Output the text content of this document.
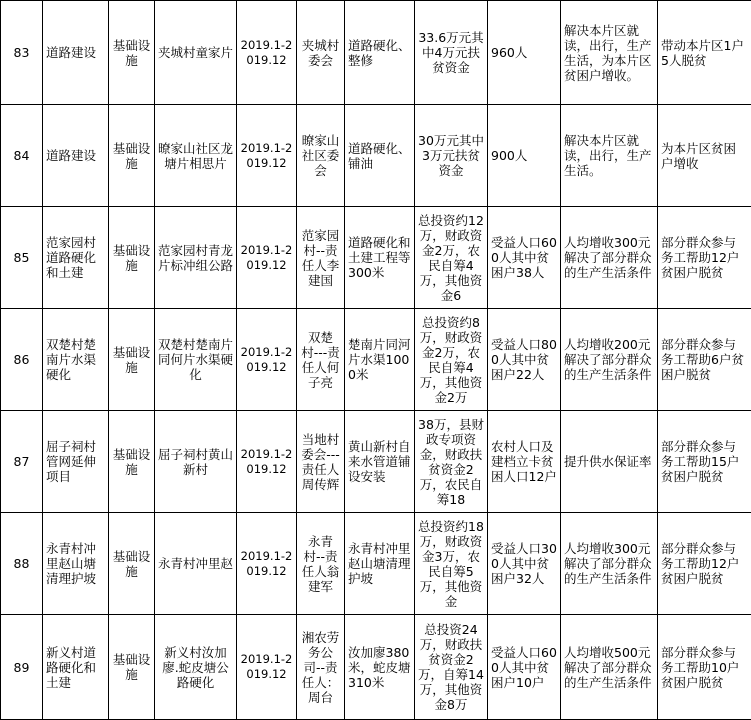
83	道路建设	基础设施	夹城村童家片	2019.1-2019.12	夹城村委会	道路硬化、整修	33.6万元其中4万元扶贫资金	960人	解决本片区就读，出行，生产生活，为本片区贫困户增收。	带动本片区1户5人脱贫
84	道路建设	基础设施	暸家山社区龙塘片相思片	2019.1-2019.12	暸家山社区委会	道路硬化、铺油	30万元其中3万元扶贫资金	900人	解决本片区就读，出行，生产生活。	为本片区贫困户增收
85	范家园村道路硬化和土建	基础设施	范家园村青龙片标冲组公路	2019.1-2019.12	范家园 村--责任人李建国	道路硬化和土建工程等300米	总投资约12万，财政资金2万，农民自筹4万，其他资金6	受益人口600人其中贫困户38人	人均增收300元解决了部分群众的生产生活条件	部分群众参与务工帮助12户贫困户脱贫
86	双楚村楚南片水渠硬化	基础设施	双楚村楚南片同何片水渠硬化	2019.1-2019.12	双楚村---责任人何子亮	楚南片同河片水渠1000米	总投资约8万，财政资金2万，农民自筹4万，其他资金2万	受益人口800人其中贫困户22人	人均增收200元解决了部分群众的生产生活条件	部分群众参与务工帮助6户贫困户脱贫
87	屈子祠村管网延伸项目	基础设施	屈子祠村黄山新村	2019.1-2019.12	当地村委会---责任人周传辉	黄山新村自来水管道铺设安装	38万，县财政专项资金，财政扶贫资金2万，农民自筹18	农村人口及建档立卡贫困人口12户	提升供水保证率	部分群众参与务工帮助15户贫困户脱贫
88	永青村冲里赵山塘清理护坡	基础设施	永青村冲里赵	2019.1-2019.12	永青村--责任人翁建军	永青村冲里赵山塘清理护坡	总投资约18万，财政资金3万，农民自筹5万，其他资金	受益人口300人其中贫困户32人	人均增收300元解决了部分群众的生产生活条件	部分群众参与务工帮助12户贫困户脱贫
89	新义村道路硬化和土建	基础设施	新义村汝加廖.蛇皮塘公路硬化	2019.1-2019.12	湘农劳务公司--责任人：周台	汝加廖380米，蛇皮塘310米	总投资24万，财政扶贫资金2万，自筹14万，其他资金8万	受益人口600人其中贫困户10户	人均增收500元解决了部分群众的生产生活条件	部分群众参与务工帮助10户贫困户脱贫
